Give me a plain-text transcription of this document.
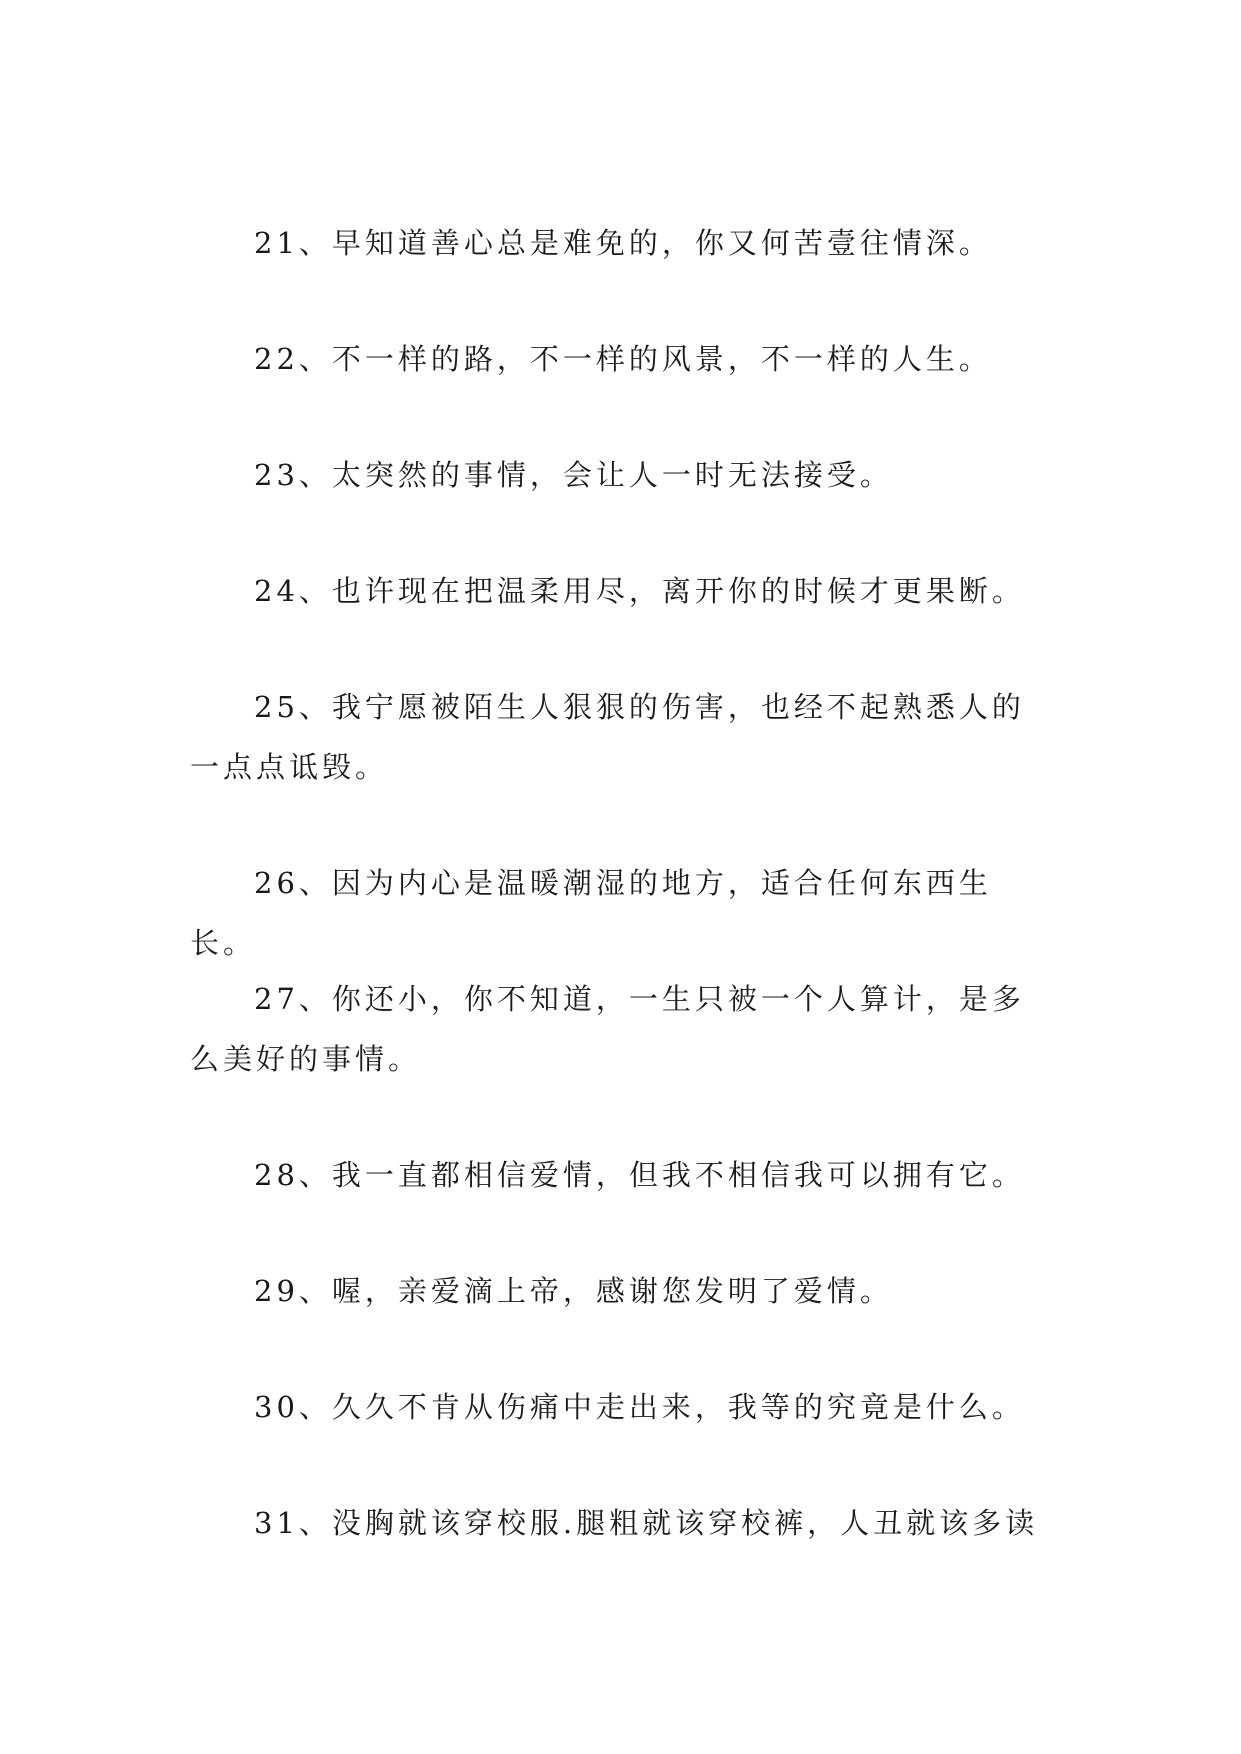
21、早知道善心总是难免的，你又何苦壹往情深。

22、不一样的路，不一样的风景，不一样的人生。

23、太突然的事情，会让人一时无法接受。

24、也许现在把温柔用尽，离开你的时候才更果断。

25、我宁愿被陌生人狠狠的伤害，也经不起熟悉人的一点点诋毁。

26、因为内心是温暖潮湿的地方，适合任何东西生长。

27、你还小，你不知道，一生只被一个人算计，是多么美好的事情。

28、我一直都相信爱情，但我不相信我可以拥有它。

29、喔，亲爱滴上帝，感谢您发明了爱情。

30、久久不肯从伤痛中走出来，我等的究竟是什么。

31、没胸就该穿校服.腿粗就该穿校裤，人丑就该多读
